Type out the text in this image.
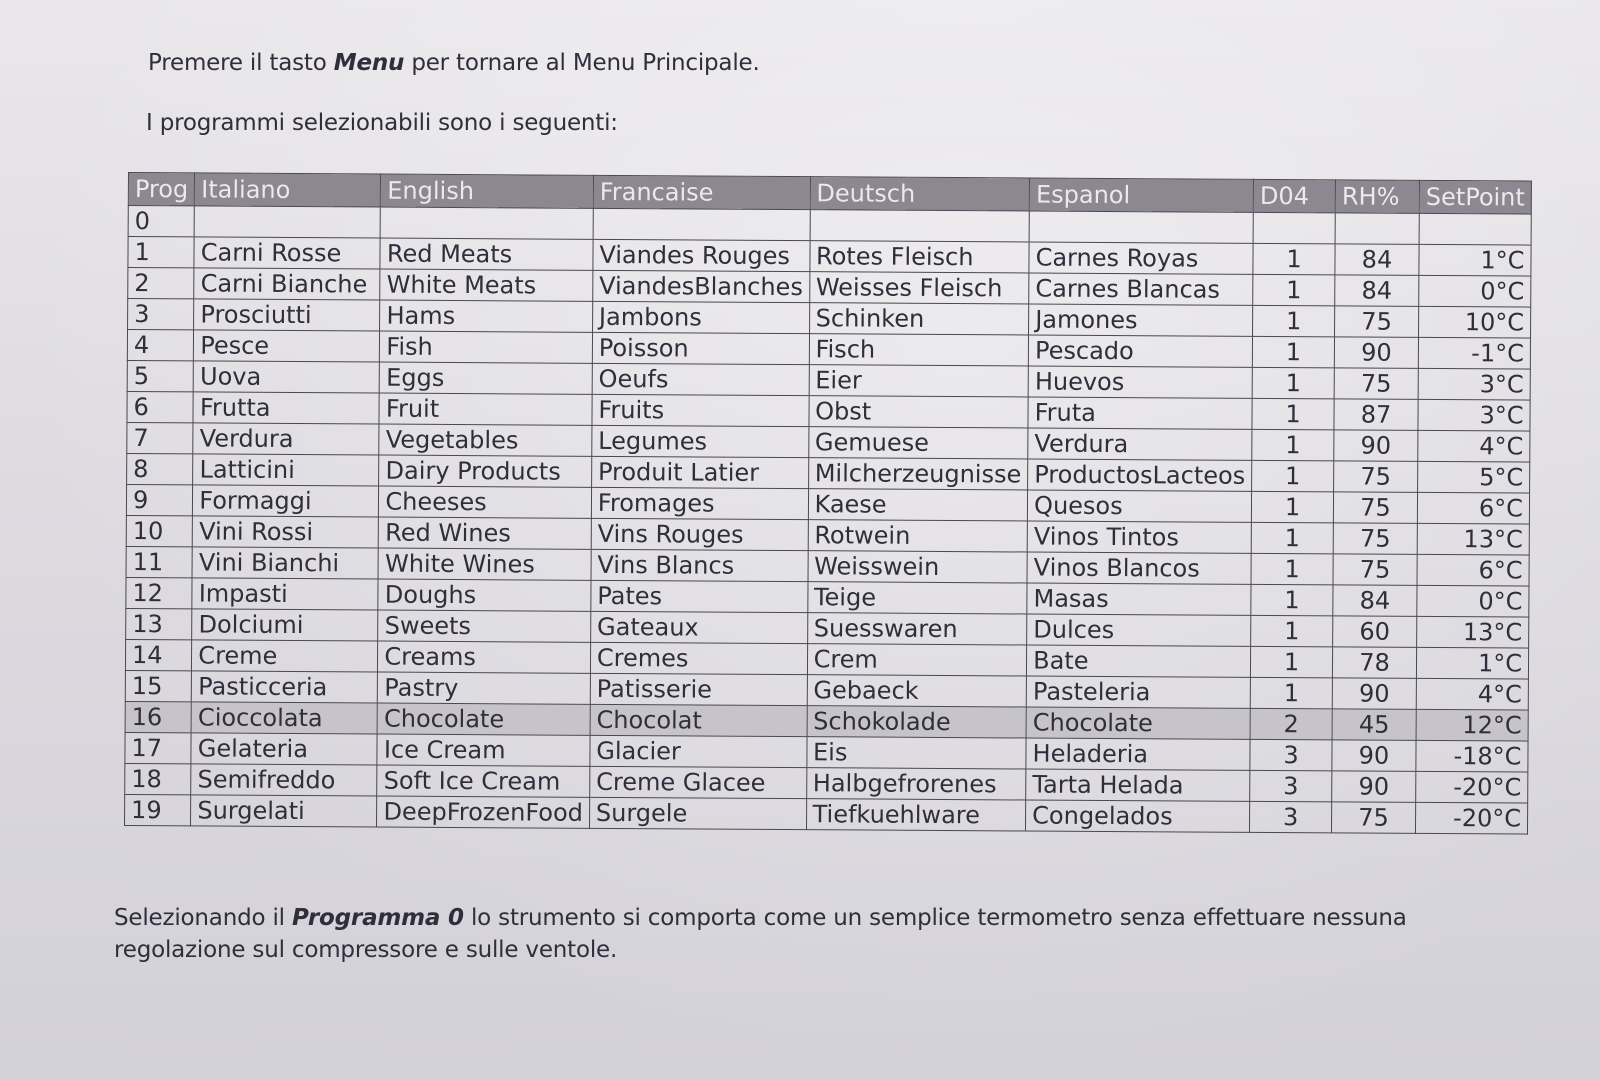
Premere il tasto Menu per tornare al Menu Principale.
I programmi selezionabili sono i seguenti:
Prog	Italiano	English	Francaise	Deutsch	Espanol	D04	RH%	SetPoint
0								
1	Carni Rosse	Red Meats	Viandes Rouges	Rotes Fleisch	Carnes Royas	1	84	1°C
2	Carni Bianche	White Meats	ViandesBlanches	Weisses Fleisch	Carnes Blancas	1	84	0°C
3	Prosciutti	Hams	Jambons	Schinken	Jamones	1	75	10°C
4	Pesce	Fish	Poisson	Fisch	Pescado	1	90	-1°C
5	Uova	Eggs	Oeufs	Eier	Huevos	1	75	3°C
6	Frutta	Fruit	Fruits	Obst	Fruta	1	87	3°C
7	Verdura	Vegetables	Legumes	Gemuese	Verdura	1	90	4°C
8	Latticini	Dairy Products	Produit Latier	Milcherzeugnisse	ProductosLacteos	1	75	5°C
9	Formaggi	Cheeses	Fromages	Kaese	Quesos	1	75	6°C
10	Vini Rossi	Red Wines	Vins Rouges	Rotwein	Vinos Tintos	1	75	13°C
11	Vini Bianchi	White Wines	Vins Blancs	Weisswein	Vinos Blancos	1	75	6°C
12	Impasti	Doughs	Pates	Teige	Masas	1	84	0°C
13	Dolciumi	Sweets	Gateaux	Suesswaren	Dulces	1	60	13°C
14	Creme	Creams	Cremes	Crem	Bate	1	78	1°C
15	Pasticceria	Pastry	Patisserie	Gebaeck	Pasteleria	1	90	4°C
16	Cioccolata	Chocolate	Chocolat	Schokolade	Chocolate	2	45	12°C
17	Gelateria	Ice Cream	Glacier	Eis	Heladeria	3	90	-18°C
18	Semifreddo	Soft Ice Cream	Creme Glacee	Halbgefrorenes	Tarta Helada	3	90	-20°C
19	Surgelati	DeepFrozenFood	Surgele	Tiefkuehlware	Congelados	3	75	-20°C
Selezionando il Programma 0 lo strumento si comporta come un semplice termometro senza effettuare nessuna regolazione sul compressore e sulle ventole.
